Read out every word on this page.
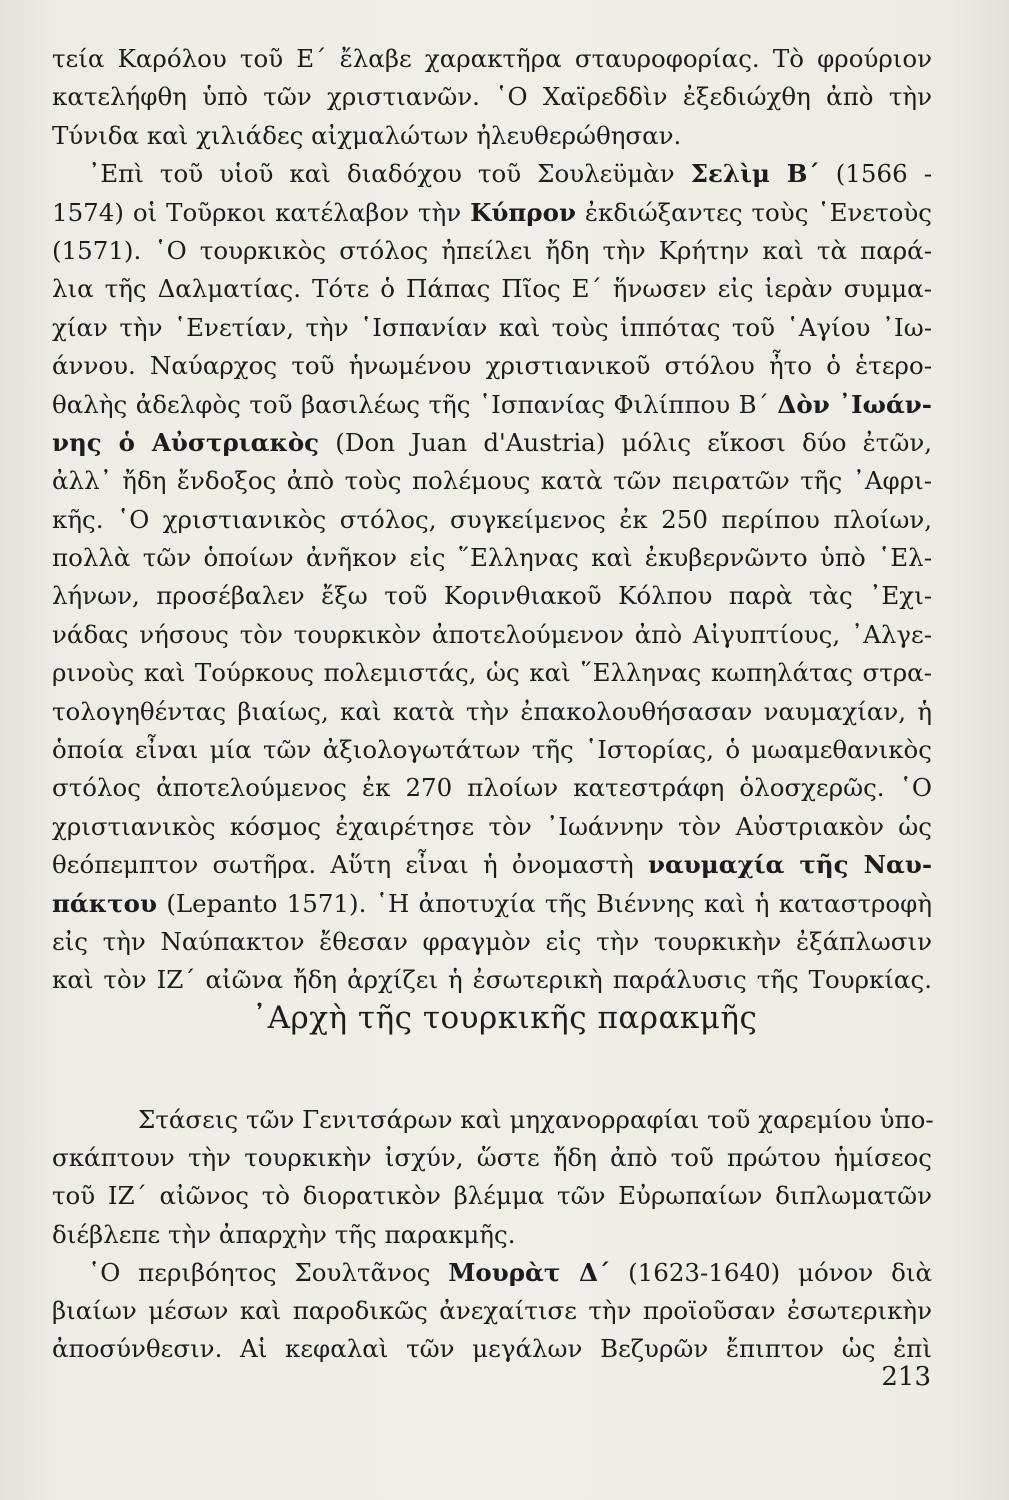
τεία Καρόλου τοῦ Ε΄ ἔλαβε χαρακτῆρα σταυροφορίας. Τὸ φρούριον
κατελήφθη ὑπὸ τῶν χριστιανῶν. ῾Ο Χαϊρεδδὶν ἐξεδιώχθη ἀπὸ τὴν
Τύνιδα καὶ χιλιάδες αἰχμαλώτων ἠλευθερώθησαν.
᾿Επὶ τοῦ υἱοῦ καὶ διαδόχου τοῦ Σουλεϋμὰν Σελὶμ Β΄ (1566 -
1574) οἱ Τοῦρκοι κατέλαβον τὴν Κύπρον ἐκδιώξαντες τοὺς ῾Ενετοὺς
(1571). ῾Ο τουρκικὸς στόλος ἠπείλει ἤδη τὴν Κρήτην καὶ τὰ παρά-
λια τῆς Δαλματίας. Τότε ὁ Πάπας Πῖος Ε΄ ἥνωσεν εἰς ἱερὰν συμμα-
χίαν τὴν ῾Ενετίαν, τὴν ῾Ισπανίαν καὶ τοὺς ἱππότας τοῦ ῾Αγίου ᾿Ιω-
άννου. Ναύαρχος τοῦ ἡνωμένου χριστιανικοῦ στόλου ἦτο ὁ ἑτερο-
θαλὴς ἀδελφὸς τοῦ βασιλέως τῆς ῾Ισπανίας Φιλίππου Β΄ Δὸν ᾿Ιωάν-
νης ὁ Αὐστριακὸς (Don Juan d'Austria) μόλις εἴκοσι δύο ἐτῶν,
ἀλλ᾿ ἤδη ἔνδοξος ἀπὸ τοὺς πολέμους κατὰ τῶν πειρατῶν τῆς ᾿Αφρι-
κῆς. ῾Ο χριστιανικὸς στόλος, συγκείμενος ἐκ 250 περίπου πλοίων,
πολλὰ τῶν ὁποίων ἀνῆκον εἰς ῞Ελληνας καὶ ἐκυβερνῶντο ὑπὸ ῾Ελ-
λήνων, προσέβαλεν ἔξω τοῦ Κορινθιακοῦ Κόλπου παρὰ τὰς ᾿Εχι-
νάδας νήσους τὸν τουρκικὸν ἀποτελούμενον ἀπὸ Αἰγυπτίους, ᾿Αλγε-
ρινοὺς καὶ Τούρκους πολεμιστάς, ὡς καὶ ῞Ελληνας κωπηλάτας στρα-
τολογηθέντας βιαίως, καὶ κατὰ τὴν ἐπακολουθήσασαν ναυμαχίαν, ἡ
ὁποία εἶναι μία τῶν ἀξιολογωτάτων τῆς ῾Ιστορίας, ὁ μωαμεθανικὸς
στόλος ἀποτελούμενος ἐκ 270 πλοίων κατεστράφη ὁλοσχερῶς. ῾Ο
χριστιανικὸς κόσμος ἐχαιρέτησε τὸν ᾿Ιωάννην τὸν Αὐστριακὸν ὡς
θεόπεμπτον σωτῆρα. Αὕτη εἶναι ἡ ὀνομαστὴ ναυμαχία τῆς Ναυ-
πάκτου (Lepanto 1571). ῾Η ἀποτυχία τῆς Βιέννης καὶ ἡ καταστροφὴ
εἰς τὴν Ναύπακτον ἔθεσαν φραγμὸν εἰς τὴν τουρκικὴν ἐξάπλωσιν
καὶ τὸν ΙΖ΄ αἰῶνα ἤδη ἀρχίζει ἡ ἐσωτερικὴ παράλυσις τῆς Τουρκίας.
᾿Αρχὴ τῆς τουρκικῆς παρακμῆς
Στάσεις τῶν Γενιτσάρων καὶ μηχανορραφίαι τοῦ χαρεμίου ὑπο-
σκάπτουν τὴν τουρκικὴν ἰσχύν, ὥστε ἤδη ἀπὸ τοῦ πρώτου ἡμίσεος
τοῦ ΙΖ΄ αἰῶνος τὸ διορατικὸν βλέμμα τῶν Εὐρωπαίων διπλωματῶν
διέβλεπε τὴν ἀπαρχὴν τῆς παρακμῆς.
῾Ο περιβόητος Σουλτᾶνος Μουρὰτ Δ΄ (1623-1640) μόνον διὰ
βιαίων μέσων καὶ παροδικῶς ἀνεχαίτισε τὴν προϊοῦσαν ἐσωτερικὴν
ἀποσύνθεσιν. Αἱ κεφαλαὶ τῶν μεγάλων Βεζυρῶν ἔπιπτον ὡς ἐπὶ
213
